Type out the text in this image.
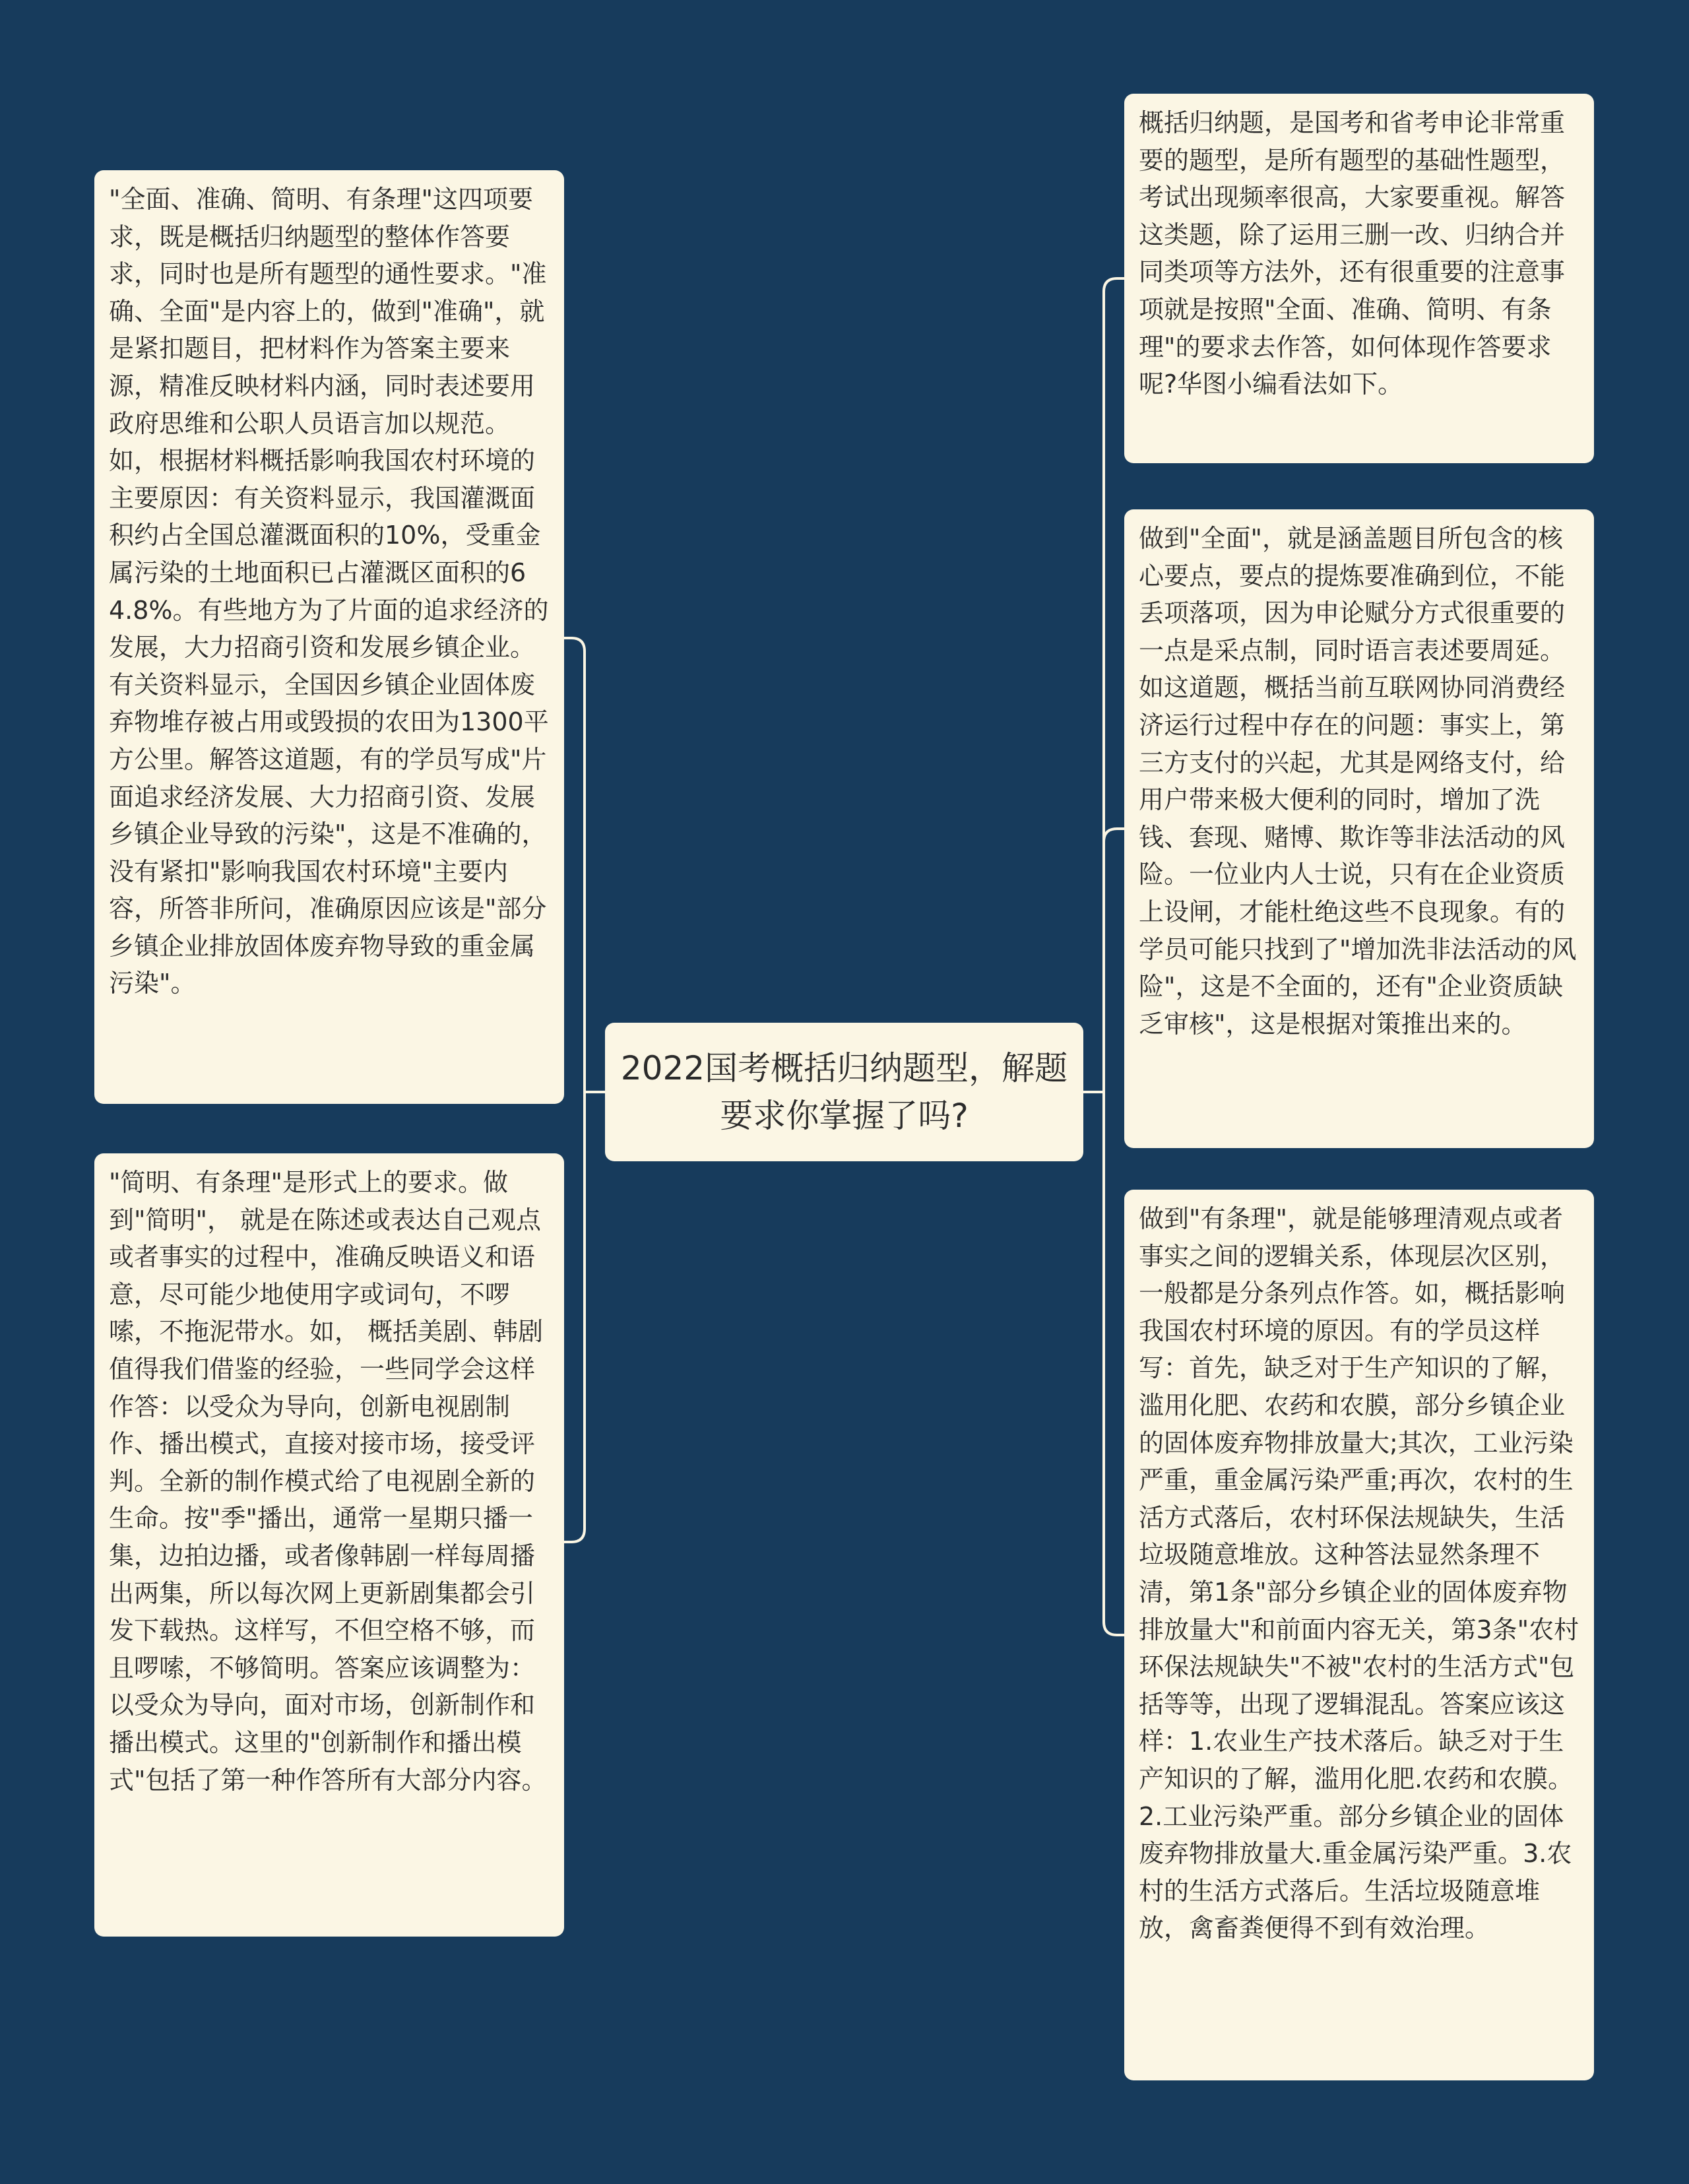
"全面、准确、简明、有条理"这四项要求，既是概括归纳题型的整体作答要求，同时也是所有题型的通性要求。"准确、全面"是内容上的，做到"准确"，就是紧扣题目，把材料作为答案主要来源，精准反映材料内涵，同时表述要用政府思维和公职人员语言加以规范。如，根据材料概括影响我国农村环境的主要原因：有关资料显示，我国灌溉面积约占全国总灌溉面积的10%，受重金属污染的土地面积已占灌溉区面积的64.8%。有些地方为了片面的追求经济的发展，大力招商引资和发展乡镇企业。有关资料显示，全国因乡镇企业固体废弃物堆存被占用或毁损的农田为1300平方公里。解答这道题，有的学员写成"片面追求经济发展、大力招商引资、发展乡镇企业导致的污染"，这是不准确的，没有紧扣"影响我国农村环境"主要内容，所答非所问，准确原因应该是"部分乡镇企业排放固体废弃物导致的重金属污染"。
"简明、有条理"是形式上的要求。做到"简明"， 就是在陈述或表达自己观点或者事实的过程中，准确反映语义和语意，尽可能少地使用字或词句，不啰嗦，不拖泥带水。如， 概括美剧、韩剧值得我们借鉴的经验，一些同学会这样作答：以受众为导向，创新电视剧制作、播出模式，直接对接市场，接受评判。全新的制作模式给了电视剧全新的生命。按"季"播出，通常一星期只播一集，边拍边播，或者像韩剧一样每周播出两集，所以每次网上更新剧集都会引发下载热。这样写，不但空格不够，而且啰嗦，不够简明。答案应该调整为：以受众为导向，面对市场，创新制作和播出模式。这里的"创新制作和播出模式"包括了第一种作答所有大部分内容。
2022国考概括归纳题型，解题要求你掌握了吗?
概括归纳题，是国考和省考申论非常重要的题型，是所有题型的基础性题型，考试出现频率很高，大家要重视。解答这类题，除了运用三删一改、归纳合并同类项等方法外，还有很重要的注意事项就是按照"全面、准确、简明、有条理"的要求去作答，如何体现作答要求呢?华图小编看法如下。
做到"全面"，就是涵盖题目所包含的核心要点，要点的提炼要准确到位，不能丢项落项，因为申论赋分方式很重要的一点是采点制，同时语言表述要周延。如这道题，概括当前互联网协同消费经济运行过程中存在的问题：事实上，第三方支付的兴起，尤其是网络支付，给用户带来极大便利的同时，增加了洗钱、套现、赌博、欺诈等非法活动的风险。一位业内人士说，只有在企业资质上设闸，才能杜绝这些不良现象。有的学员可能只找到了"增加洗非法活动的风险"，这是不全面的，还有"企业资质缺乏审核"，这是根据对策推出来的。
做到"有条理"，就是能够理清观点或者事实之间的逻辑关系，体现层次区别，一般都是分条列点作答。如，概括影响我国农村环境的原因。有的学员这样写：首先，缺乏对于生产知识的了解，滥用化肥、农药和农膜，部分乡镇企业的固体废弃物排放量大;其次，工业污染严重，重金属污染严重;再次，农村的生活方式落后，农村环保法规缺失，生活垃圾随意堆放。这种答法显然条理不清，第1条"部分乡镇企业的固体废弃物排放量大"和前面内容无关，第3条"农村环保法规缺失"不被"农村的生活方式"包括等等，出现了逻辑混乱。答案应该这样：1.农业生产技术落后。缺乏对于生产知识的了解，滥用化肥.农药和农膜。2.工业污染严重。部分乡镇企业的固体废弃物排放量大.重金属污染严重。3.农村的生活方式落后。生活垃圾随意堆放，禽畜粪便得不到有效治理。
